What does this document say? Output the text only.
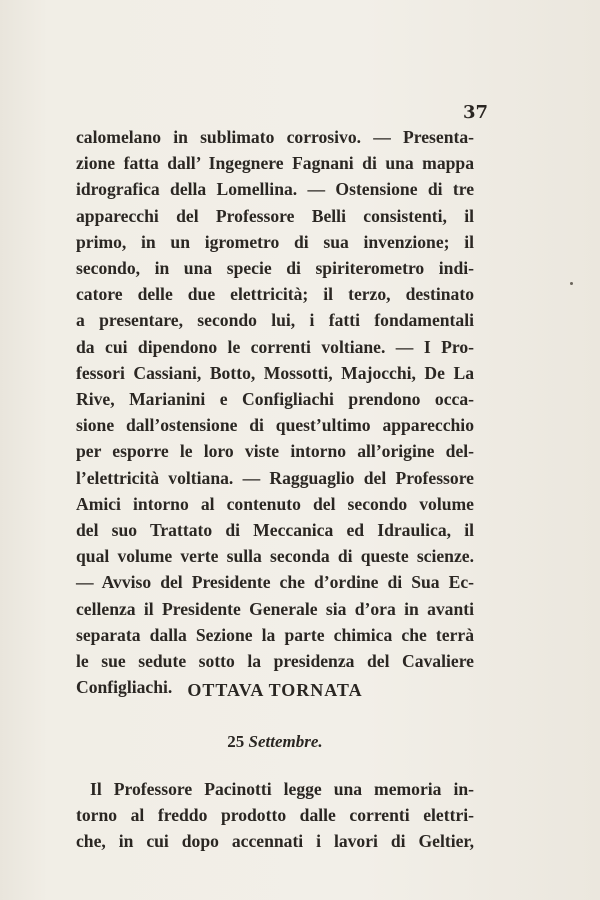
37
calomelano in sublimato corrosivo. — Presenta-
zione fatta dall’ Ingegnere Fagnani di una mappa
idrografica della Lomellina. — Ostensione di tre
apparecchi del Professore Belli consistenti, il
primo, in un igrometro di sua invenzione; il
secondo, in una specie di spiriterometro indi-
catore delle due elettricità; il terzo, destinato
a presentare, secondo lui, i fatti fondamentali
da cui dipendono le correnti voltiane. — I Pro-
fessori Cassiani, Botto, Mossotti, Majocchi, De La
Rive, Marianini e Configliachi prendono occa-
sione dall’ostensione di quest’ultimo apparecchio
per esporre le loro viste intorno all’origine del-
l’elettricità voltiana. — Ragguaglio del Professore
Amici intorno al contenuto del secondo volume
del suo Trattato di Meccanica ed Idraulica, il
qual volume verte sulla seconda di queste scienze.
— Avviso del Presidente che d’ordine di Sua Ec-
cellenza il Presidente Generale sia d’ora in avanti
separata dalla Sezione la parte chimica che terrà
le sue sedute sotto la presidenza del Cavaliere
Configliachi. OTTAVA TORNATA
25 Settembre.
Il Professore Pacinotti legge una memoria in-
torno al freddo prodotto dalle correnti elettri-
che, in cui dopo accennati i lavori di Geltier,
